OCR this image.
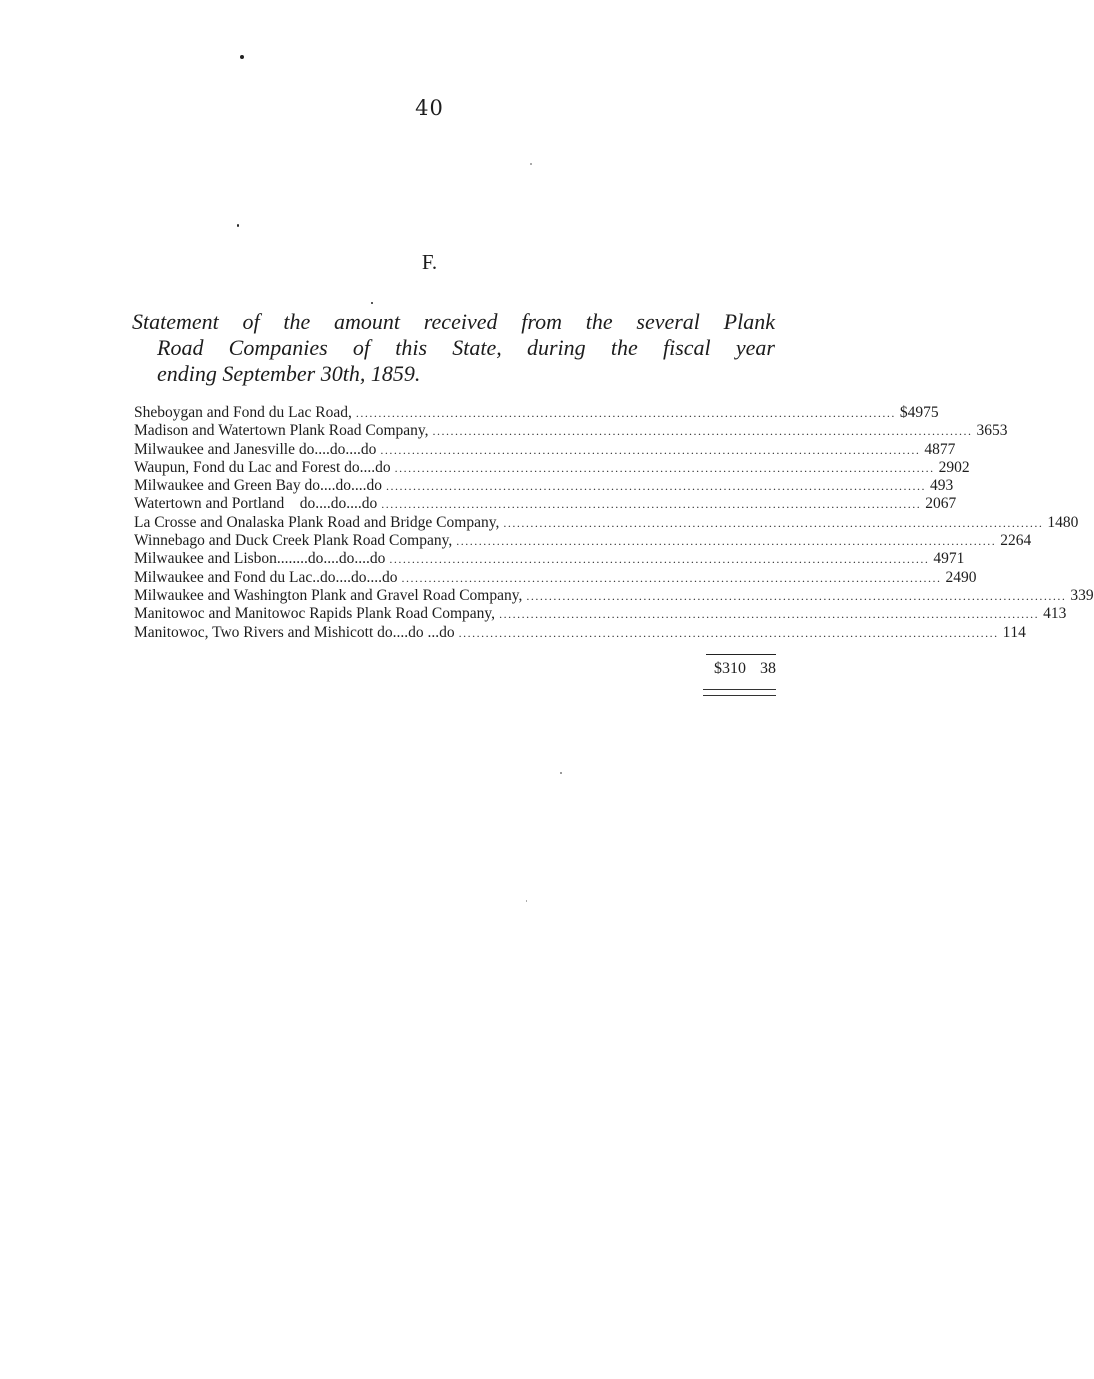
40
F.
Statement of the amount received from the several Plank
Road Companies of this State, during the fiscal year
ending September 30th, 1859.
Sheboygan and Fond du Lac Road, ........................................................................................................................ $49 75
Madison and Watertown Plank Road Company, ........................................................................................................................ 36 53
Milwaukee and Janesville do....do....do ........................................................................................................................ 48 77
Waupun, Fond du Lac and Forest do....do ........................................................................................................................ 29 02
Milwaukee and Green Bay do....do....do ........................................................................................................................ 4 93
Watertown and Portland    do....do....do ........................................................................................................................ 20 67
La Crosse and Onalaska Plank Road and Bridge Company, ........................................................................................................................ 14 80
Winnebago and Duck Creek Plank Road Company, ........................................................................................................................ 22 64
Milwaukee and Lisbon........do....do....do ........................................................................................................................ 49 71
Milwaukee and Fond du Lac..do....do....do ........................................................................................................................ 24 90
Milwaukee and Washington Plank and Gravel Road Company, ........................................................................................................................ 3 39
Manitowoc and Manitowoc Rapids Plank Road Company, ........................................................................................................................ 4 13
Manitowoc, Two Rivers and Mishicott do....do ...do ........................................................................................................................ 1 14
$310 38
